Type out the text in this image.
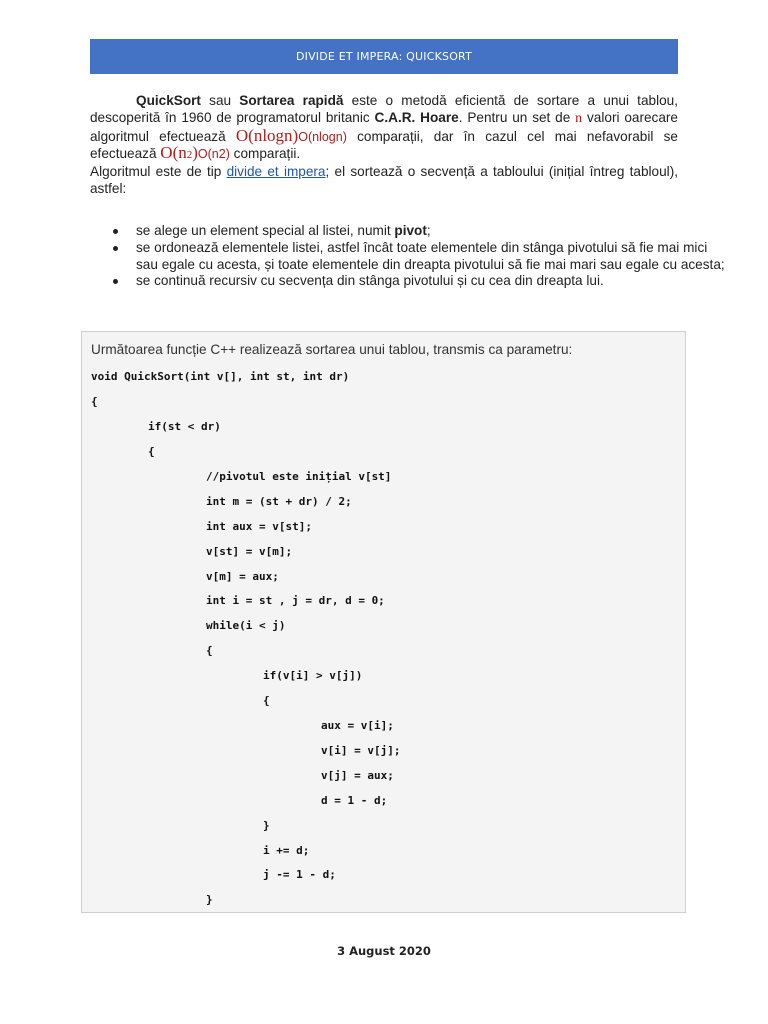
DIVIDE ET IMPERA: QUICKSORT

QuickSort sau Sortarea rapidă este o metodă eficientă de sortare a unui tablou, descoperită în 1960 de programatorul britanic C.A.R. Hoare. Pentru un set de n valori oarecare algoritmul efectuează O(nlogn)O(nlogn) comparații, dar în cazul cel mai nefavorabil se efectuează O(n2)O(n2) comparații.

Algoritmul este de tip divide et impera; el sortează o secvență a tabloului (inițial întreg tabloul), astfel:

se alege un element special al listei, numit pivot;
se ordonează elementele listei, astfel încât toate elementele din stânga pivotului să fie mai mici sau egale cu acesta, și toate elementele din dreapta pivotului să fie mai mari sau egale cu acesta;
se continuă recursiv cu secvența din stânga pivotului și cu cea din dreapta lui.
Următoarea funcție C++ realizează sortarea unui tablou, transmis ca parametru:
void QuickSort(int v[], int st, int dr)
{
if(st < dr)
{
//pivotul este inițial v[st]
int m = (st + dr) / 2;
int aux = v[st];
v[st] = v[m];
v[m] = aux;
int i = st , j = dr, d = 0;
while(i < j)
{
if(v[i] > v[j])
{
aux = v[i];
v[i] = v[j];
v[j] = aux;
d = 1 - d;
}
i += d;
j -= 1 - d;
}
3 August 2020
